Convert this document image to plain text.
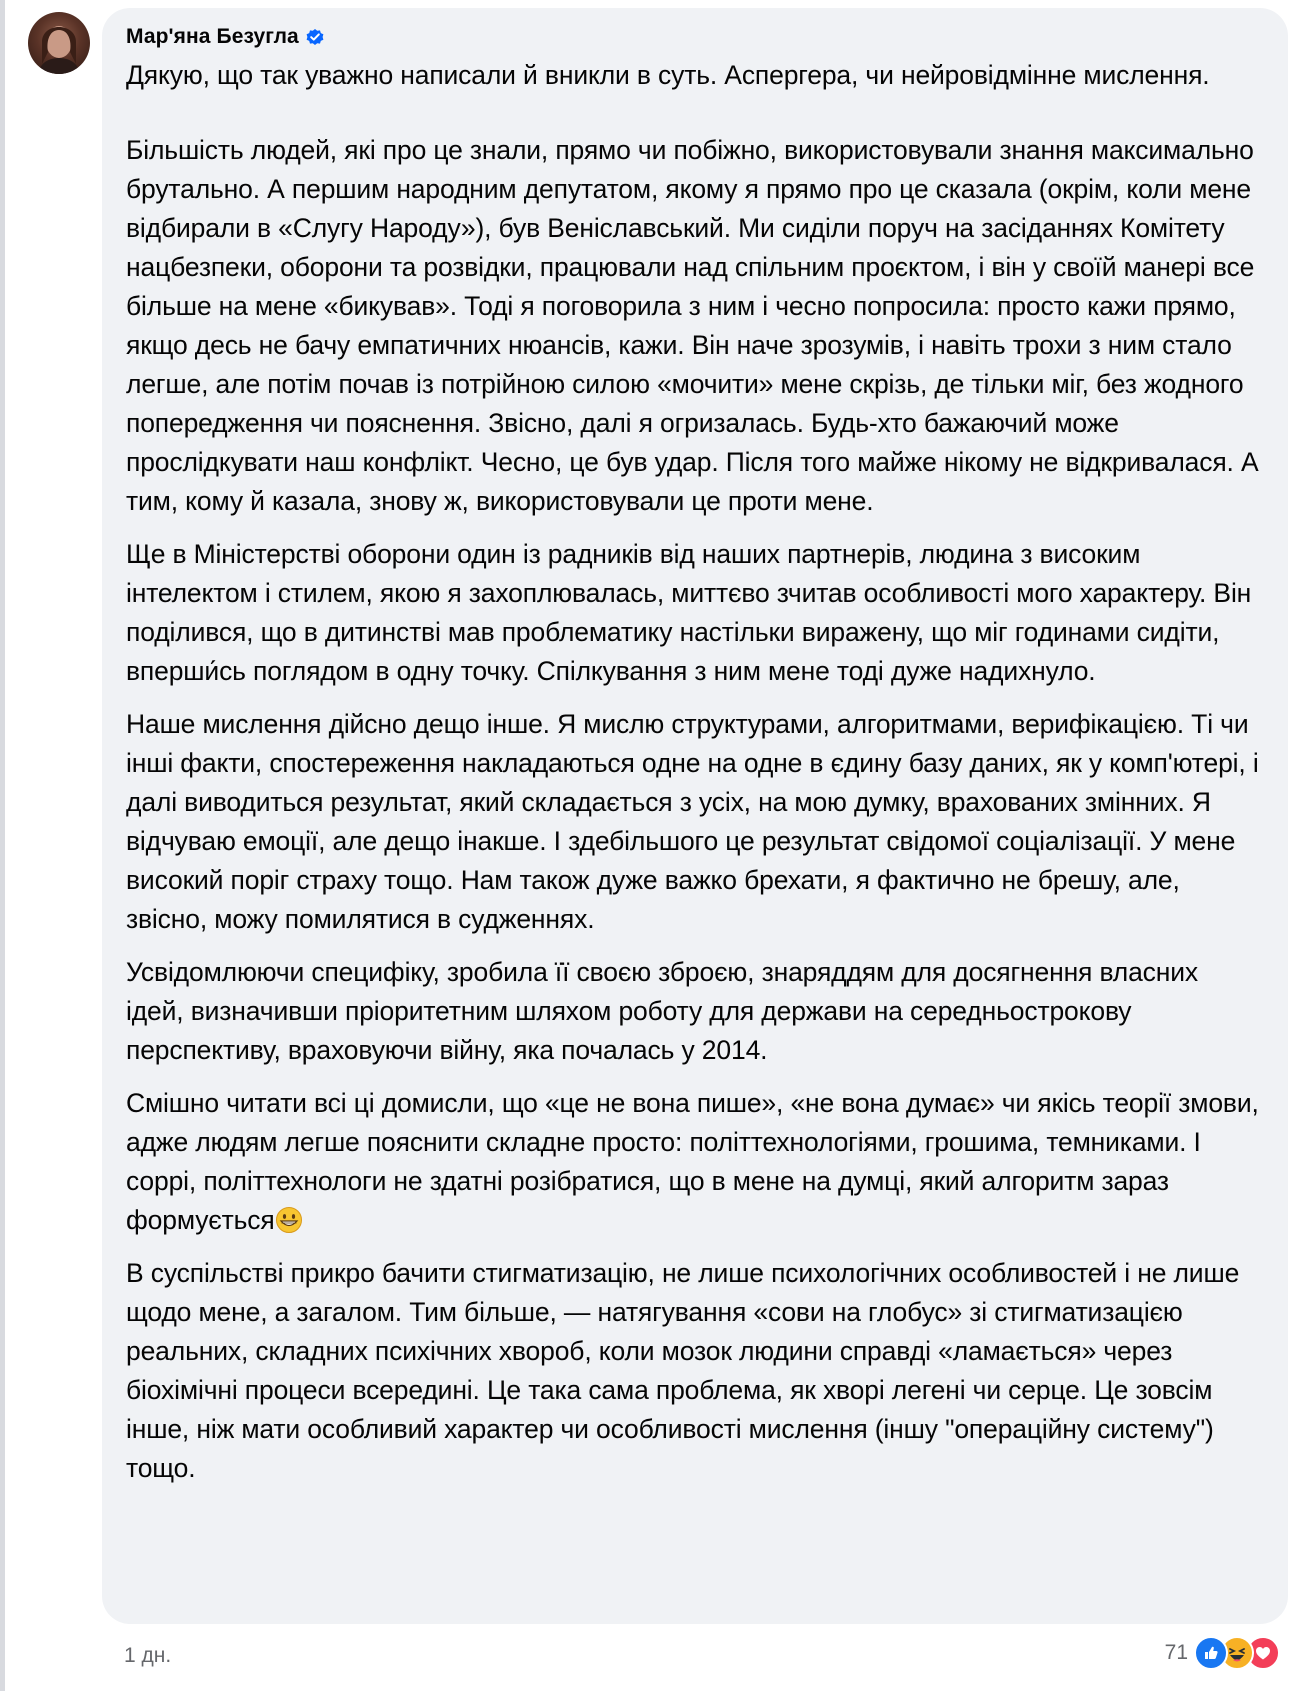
Мар'яна Безугла

Дякую, що так уважно написали й вникли в суть. Аспергера, чи нейровідмінне мислення.

Більшість людей, які про це знали, прямо чи побіжно, використовували знання максимально брутально. А першим народним депутатом, якому я прямо про це сказала (окрім, коли мене відбирали в «Слугу Народу»), був Веніславський. Ми сиділи поруч на засіданнях Комітету нацбезпеки, оборони та розвідки, працювали над спільним проєктом, і він у своїй манері все більше на мене «бикував». Тоді я поговорила з ним і чесно попросила: просто кажи прямо, якщо десь не бачу емпатичних нюансів, кажи. Він наче зрозумів, і навіть трохи з ним стало легше, але потім почав із потрійною силою «мочити» мене скрізь, де тільки міг, без жодного попередження чи пояснення. Звісно, далі я огризалась. Будь-хто бажаючий може прослідкувати наш конфлікт. Чесно, це був удар. Після того майже нікому не відкривалася. А тим, кому й казала, знову ж, використовували це проти мене.

Ще в Міністерстві оборони один із радників від наших партнерів, людина з високим інтелектом і стилем, якою я захоплювалась, миттєво зчитав особливості мого характеру. Він поділився, що в дитинстві мав проблематику настільки виражену, що міг годинами сидіти, вперши́сь поглядом в одну точку. Спілкування з ним мене тоді дуже надихнуло.

Наше мислення дійсно дещо інше. Я мислю структурами, алгоритмами, верифікацією. Ті чи інші факти, спостереження накладаються одне на одне в єдину базу даних, як у комп'ютері, і далі виводиться результат, який складається з усіх, на мою думку, врахованих змінних. Я відчуваю емоції, але дещо інакше. І здебільшого це результат свідомої соціалізації. У мене високий поріг страху тощо. Нам також дуже важко брехати, я фактично не брешу, але, звісно, можу помилятися в судженнях.

Усвідомлюючи специфіку, зробила її своєю зброєю, знаряддям для досягнення власних ідей, визначивши пріоритетним шляхом роботу для держави на середньострокову перспективу, враховуючи війну, яка почалась у 2014.

Смішно читати всі ці домисли, що «це не вона пише», «не вона думає» чи якісь теорії змови, адже людям легше пояснити складне просто: політтехнологіями, грошима, темниками. І соррі, політтехнологи не здатні розібратися, що в мене на думці, який алгоритм зараз формується

В суспільстві прикро бачити стигматизацію, не лише психологічних особливостей і не лише щодо мене, а загалом. Тим більше, — натягування «сови на глобус» зі стигматизацією реальних, складних психічних хвороб, коли мозок людини справді «ламається» через біохімічні процеси всередині. Це така сама проблема, як хворі легені чи серце. Це зовсім інше, ніж мати особливий характер чи особливості мислення (іншу "операційну систему") тощо.

1 дн.	71
